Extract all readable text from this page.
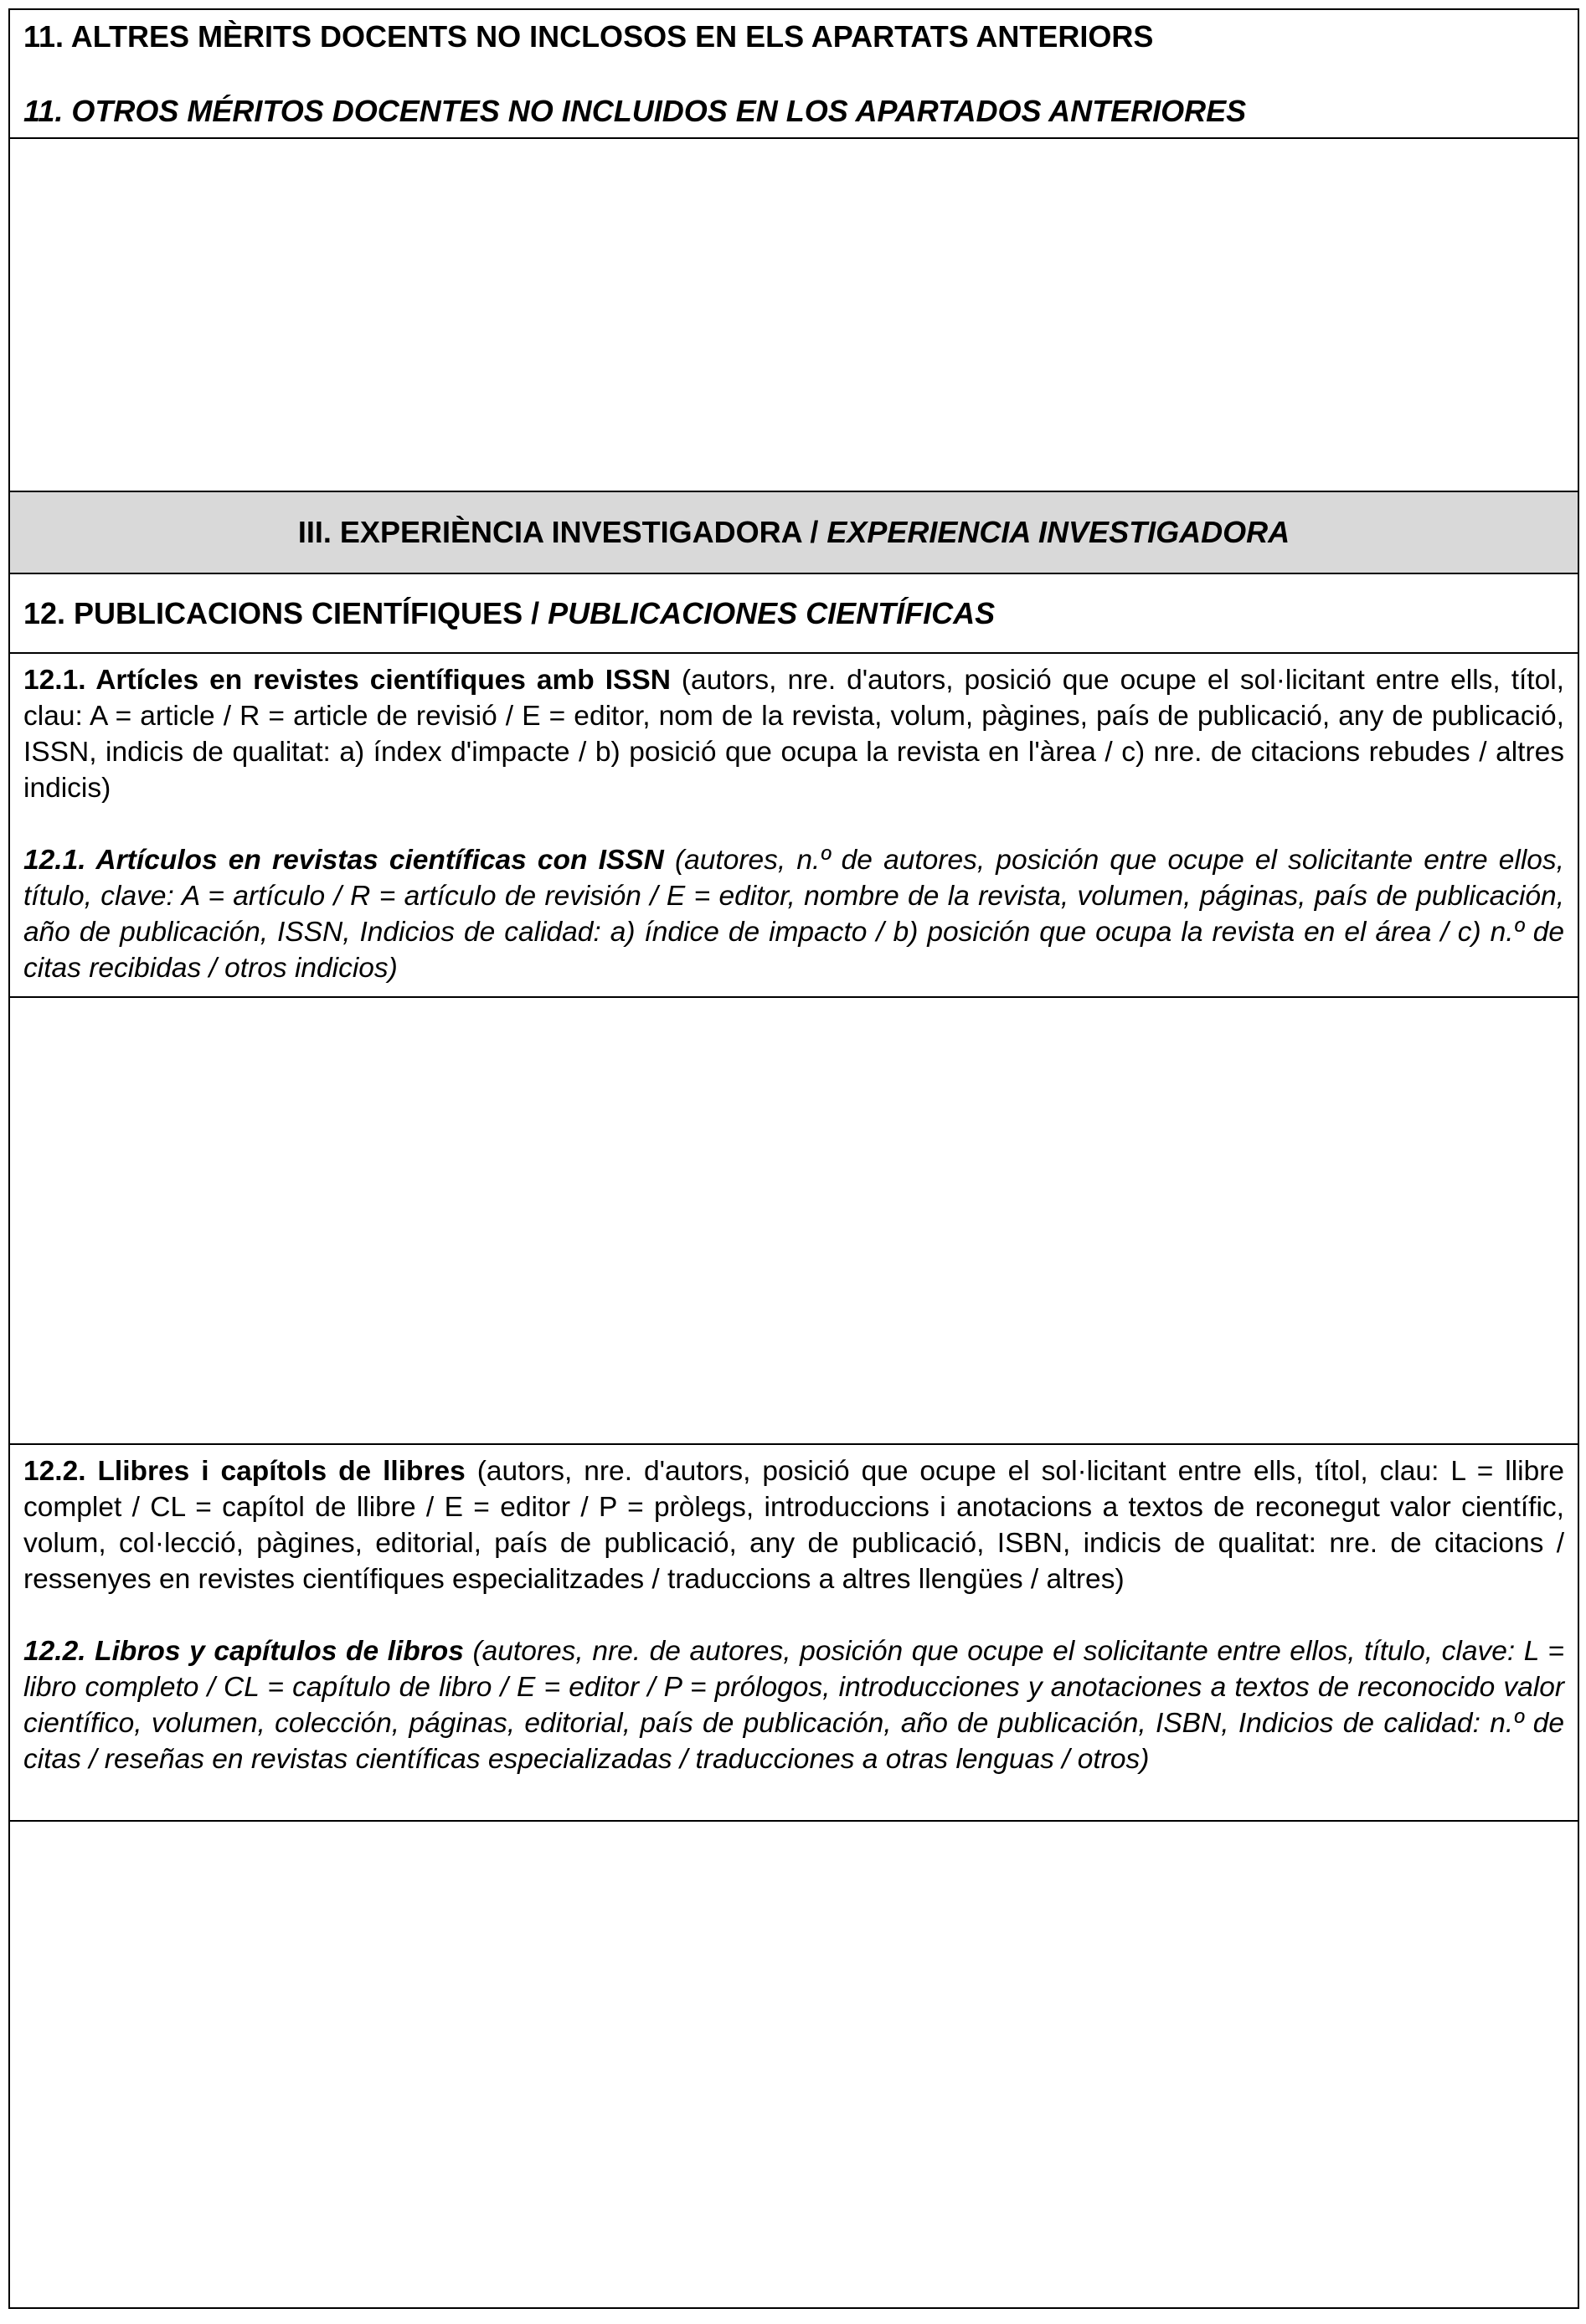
11. ALTRES MÈRITS DOCENTS NO INCLOSOS EN ELS APARTATS ANTERIORS
11. OTROS MÉRITOS DOCENTES NO INCLUIDOS EN LOS APARTADOS ANTERIORES
III. EXPERIÈNCIA INVESTIGADORA / EXPERIENCIA INVESTIGADORA
12. PUBLICACIONS CIENTÍFIQUES / PUBLICACIONES CIENTÍFICAS

12.1. Artícles en revistes científiques amb ISSN (autors, nre. d'autors, posició que ocupe el sol·licitant entre ells, títol, clau: A = article / R = article de revisió / E = editor, nom de la revista, volum, pàgines, país de publicació, any de publicació, ISSN, indicis de qualitat: a) índex d'impacte / b) posició que ocupa la revista en l'àrea / c) nre. de citacions rebudes / altres indicis)

12.1. Artículos en revistas científicas con ISSN (autores, n.º de autores, posición que ocupe el solicitante entre ellos, título, clave: A = artículo / R = artículo de revisión / E = editor, nombre de la revista, volumen, páginas, país de publicación, año de publicación, ISSN, Indicios de calidad: a) índice de impacto / b) posición que ocupa la revista en el área / c) n.º de citas recibidas / otros indicios)

12.2. Llibres i capítols de llibres (autors, nre. d'autors, posició que ocupe el sol·licitant entre ells, títol, clau: L = llibre complet / CL = capítol de llibre / E = editor / P = pròlegs, introduccions i anotacions a textos de reconegut valor científic, volum, col·lecció, pàgines, editorial, país de publicació, any de publicació, ISBN, indicis de qualitat: nre. de citacions / ressenyes en revistes científiques especialitzades / traduccions a altres llengües / altres)

12.2. Libros y capítulos de libros (autores, nre. de autores, posición que ocupe el solicitante entre ellos, título, clave: L = libro completo / CL = capítulo de libro / E = editor / P = prólogos, introducciones y anotaciones a textos de reconocido valor científico, volumen, colección, páginas, editorial, país de publicación, año de publicación, ISBN, Indicios de calidad: n.º de citas / reseñas en revistas científicas especializadas / traducciones a otras lenguas / otros)
